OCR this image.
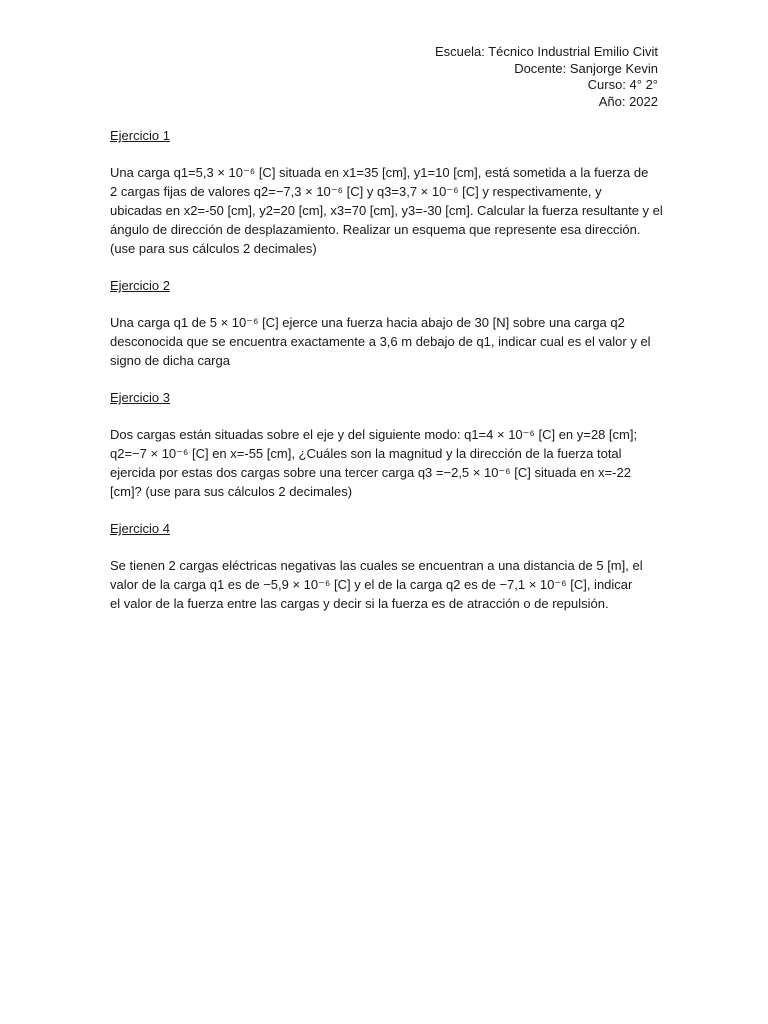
Escuela: Técnico Industrial Emilio Civit
Docente: Sanjorge Kevin
Curso: 4° 2°
Año: 2022
Ejercicio 1
Una carga q1=5,3 × 10⁻⁶ [C] situada en x1=35 [cm], y1=10 [cm], está sometida a la fuerza de
2 cargas fijas de valores q2=−7,3 × 10⁻⁶ [C] y q3=3,7 × 10⁻⁶ [C] y respectivamente, y
ubicadas en x2=-50 [cm], y2=20 [cm], x3=70 [cm], y3=-30 [cm]. Calcular la fuerza resultante y el
ángulo de dirección de desplazamiento. Realizar un esquema que represente esa dirección.
(use para sus cálculos 2 decimales)
Ejercicio 2
Una carga q1 de 5 × 10⁻⁶ [C] ejerce una fuerza hacia abajo de 30 [N] sobre una carga q2
desconocida que se encuentra exactamente a 3,6 m debajo de q1, indicar cual es el valor y el
signo de dicha carga
Ejercicio 3
Dos cargas están situadas sobre el eje y del siguiente modo: q1=4 × 10⁻⁶ [C] en y=28 [cm];
q2=−7 × 10⁻⁶ [C] en x=-55 [cm], ¿Cuáles son la magnitud y la dirección de la fuerza total
ejercida por estas dos cargas sobre una tercer carga q3 =−2,5 × 10⁻⁶ [C] situada en x=-22
[cm]? (use para sus cálculos 2 decimales)
Ejercicio 4
Se tienen 2 cargas eléctricas negativas las cuales se encuentran a una distancia de 5 [m], el
valor de la carga q1 es de −5,9 × 10⁻⁶ [C] y el de la carga q2 es de −7,1 × 10⁻⁶ [C], indicar
el valor de la fuerza entre las cargas y decir si la fuerza es de atracción o de repulsión.
